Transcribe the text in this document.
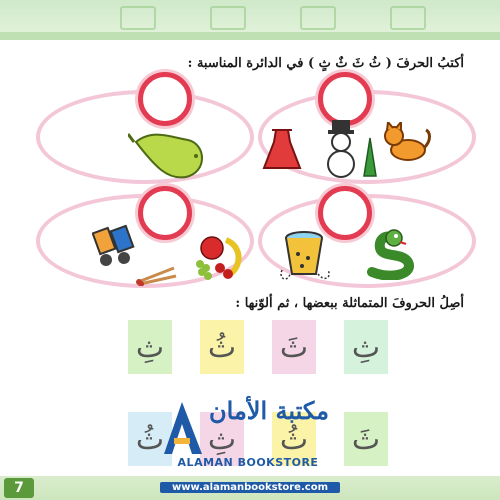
أكتبُ الحرفَ ( ثُ ثَ ثٌ ثٍ ) في الدائرة المناسبة :
أصِلُ الحروفَ المتماثلة ببعضها ، ثم ألوّنها :
ثِ ثُ ثَ ثِ
ثُ ثِ ثُ ثَ
7
مكتبة الأمان
ALAMAN BOOKSTORE
www.alamanbookstore.com
